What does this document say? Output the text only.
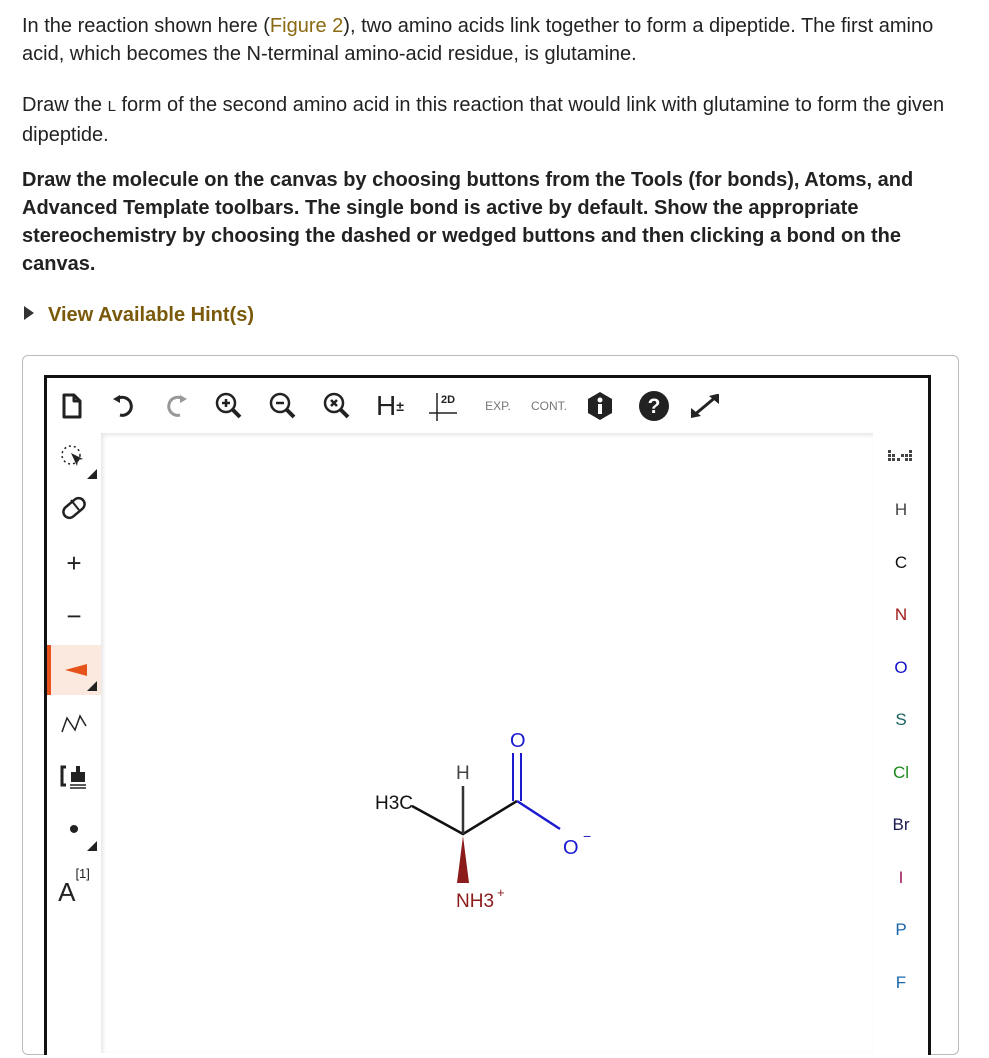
In the reaction shown here (Figure 2), two amino acids link together to form a dipeptide. The first amino acid, which becomes the N-terminal amino-acid residue, is glutamine.
Draw the L form of the second amino acid in this reaction that would link with glutamine to form the given dipeptide.
Draw the molecule on the canvas by choosing buttons from the Tools (for bonds), Atoms, and Advanced Template toolbars. The single bond is active by default. Show the appropriate stereochemistry by choosing the dashed or wedged buttons and then clicking a bond on the canvas.
View Available Hint(s)
H ±	2D	EXP. CONT.	?
+
−
•
A
[1]
H3C
H
O
O
−
NH3 +
H
C
N
O
S
Cl
Br
I
P
F
